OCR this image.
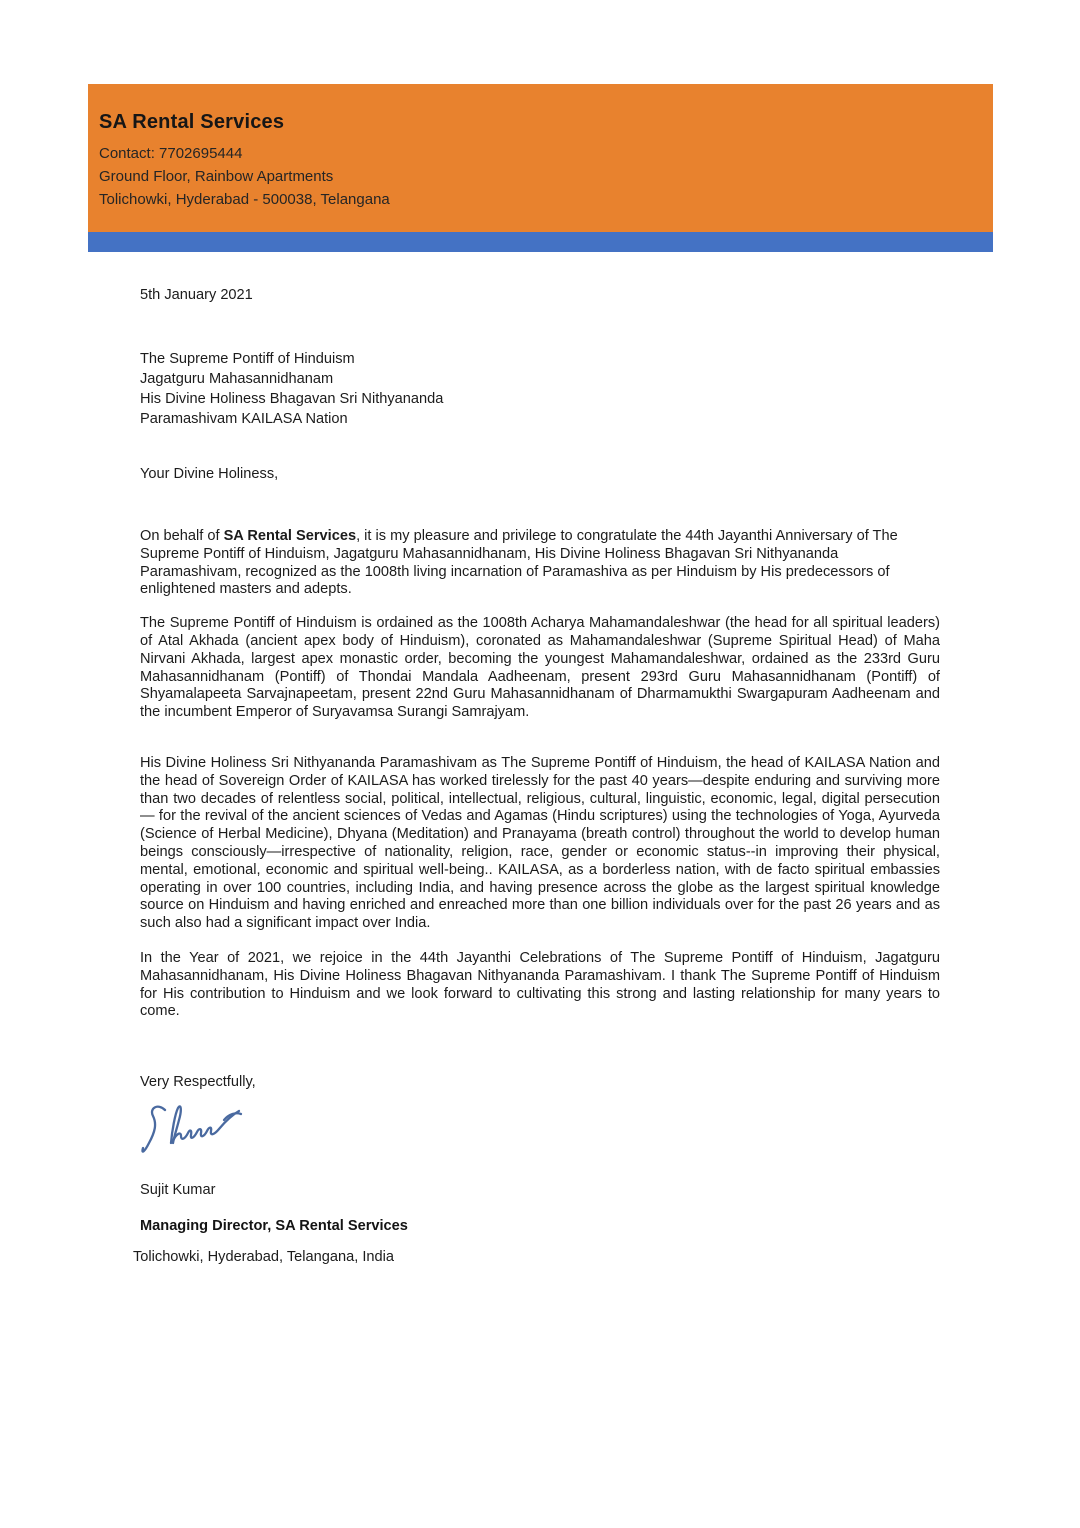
SA Rental Services
Contact: 7702695444
Ground Floor, Rainbow Apartments
Tolichowki, Hyderabad - 500038, Telangana
5th January 2021
The Supreme Pontiff of Hinduism
Jagatguru Mahasannidhanam
His Divine Holiness Bhagavan Sri Nithyananda
Paramashivam KAILASA Nation
Your Divine Holiness,

On behalf of SA Rental Services, it is my pleasure and privilege to congratulate the 44th Jayanthi Anniversary of The Supreme Pontiff of Hinduism, Jagatguru Mahasannidhanam, His Divine Holiness Bhagavan Sri Nithyananda Paramashivam, recognized as the 1008th living incarnation of Paramashiva as per Hinduism by His predecessors of enlightened masters and adepts.

The Supreme Pontiff of Hinduism is ordained as the 1008th Acharya Mahamandaleshwar (the head for all spiritual leaders) of Atal Akhada (ancient apex body of Hinduism), coronated as Mahamandaleshwar (Supreme Spiritual Head) of Maha Nirvani Akhada, largest apex monastic order, becoming the youngest Mahamandaleshwar, ordained as the 233rd Guru Mahasannidhanam (Pontiff) of Thondai Mandala Aadheenam, present 293rd Guru Mahasannidhanam (Pontiff) of Shyamalapeeta Sarvajnapeetam, present 22nd Guru Mahasannidhanam of Dharmamukthi Swargapuram Aadheenam and the incumbent Emperor of Suryavamsa Surangi Samrajyam.

His Divine Holiness Sri Nithyananda Paramashivam as The Supreme Pontiff of Hinduism, the head of KAILASA Nation and the head of Sovereign Order of KAILASA has worked tirelessly for the past 40 years—despite enduring and surviving more than two decades of relentless social, political, intellectual, religious, cultural, linguistic, economic, legal, digital persecution — for the revival of the ancient sciences of Vedas and Agamas (Hindu scriptures) using the technologies of Yoga, Ayurveda (Science of Herbal Medicine), Dhyana (Meditation) and Pranayama (breath control) throughout the world to develop human beings consciously—irrespective of nationality, religion, race, gender or economic status--in improving their physical, mental, emotional, economic and spiritual well-being.. KAILASA, as a borderless nation, with de facto spiritual embassies operating in over 100 countries, including India, and having presence across the globe as the largest spiritual knowledge source on Hinduism and having enriched and enreached more than one billion individuals over for the past 26 years and as such also had a significant impact over India.

In the Year of 2021, we rejoice in the 44th Jayanthi Celebrations of The Supreme Pontiff of Hinduism, Jagatguru Mahasannidhanam, His Divine Holiness Bhagavan Nithyananda Paramashivam. I thank The Supreme Pontiff of Hinduism for His contribution to Hinduism and we look forward to cultivating this strong and lasting relationship for many years to come.

Very Respectfully,
Sujit Kumar
Managing Director, SA Rental Services
Tolichowki, Hyderabad, Telangana, India
